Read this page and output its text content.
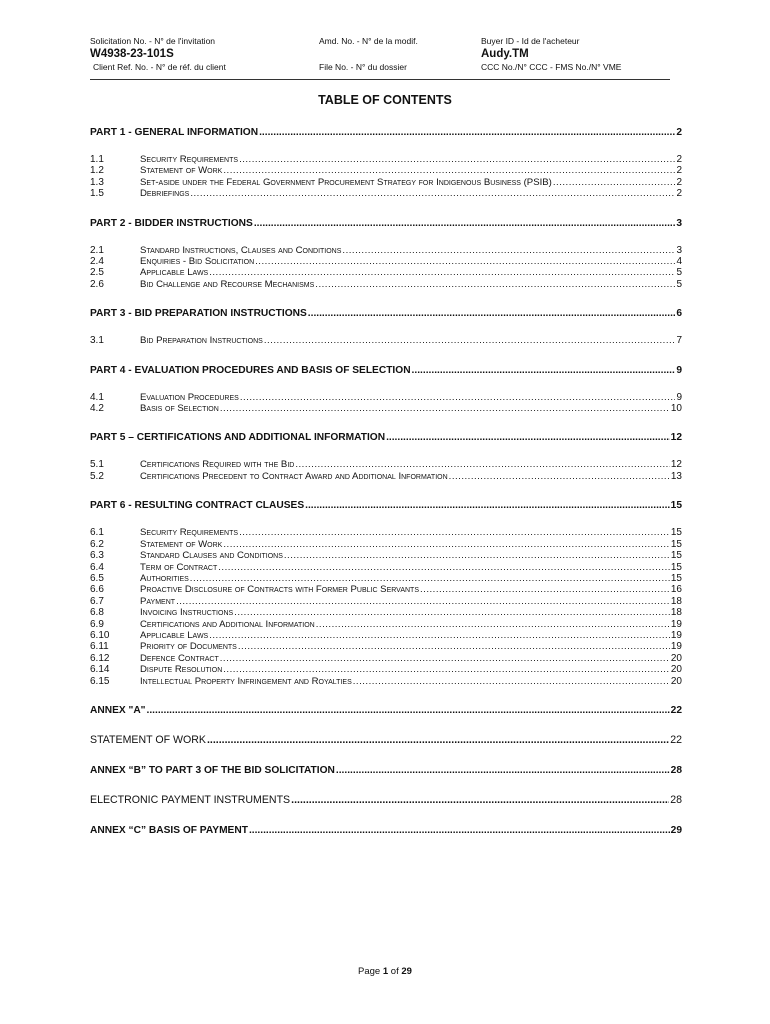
Solicitation No. - N° de l'invitation
W4938-23-101S
Client Ref. No. - N° de réf. du client
Amd. No. - N° de la modif.

File No. - N° du dossier
Buyer ID - Id de l'acheteur
Audy.TM
CCC No./N° CCC - FMS No./N° VME
TABLE OF CONTENTS
PART 1 - GENERAL INFORMATION .....	2
1.1	Security Requirements .....	2
1.2	Statement of Work .....	2
1.3	Set-aside under the Federal Government Procurement Strategy for Indigenous Business (PSIB) .....	2
1.5	Debriefings .....	2
PART 2 - BIDDER INSTRUCTIONS .....	3
2.1	Standard Instructions, Clauses and Conditions .....	3
2.4	Enquiries - Bid Solicitation .....	4
2.5	Applicable Laws .....	5
2.6	Bid Challenge and Recourse Mechanisms .....	5
PART 3 - BID PREPARATION INSTRUCTIONS .....	6
3.1	Bid Preparation Instructions .....	7
PART 4 - EVALUATION PROCEDURES AND BASIS OF SELECTION .....	9
4.1	Evaluation Procedures .....	9
4.2	Basis of Selection .....	10
PART 5 – CERTIFICATIONS AND ADDITIONAL INFORMATION .....	12
5.1	Certifications Required with the Bid .....	12
5.2	Certifications Precedent to Contract Award and Additional Information .....	13
PART 6 - RESULTING CONTRACT CLAUSES .....	15
6.1	Security Requirements .....	15
6.2	Statement of Work .....	15
6.3	Standard Clauses and Conditions .....	15
6.4	Term of Contract .....	15
6.5	Authorities .....	15
6.6	Proactive Disclosure of Contracts with Former Public Servants .....	16
6.7	Payment .....	18
6.8	Invoicing Instructions .....	18
6.9	Certifications and Additional Information .....	19
6.10	Applicable Laws .....	19
6.11	Priority of Documents .....	19
6.12	Defence Contract .....	20
6.14	Dispute Resolution .....	20
6.15	Intellectual Property Infringement and Royalties .....	20
ANNEX "A" .....	22
STATEMENT OF WORK .....	22
ANNEX “B” TO PART 3 OF THE BID SOLICITATION .....	28
ELECTRONIC PAYMENT INSTRUMENTS .....	28
ANNEX “C” BASIS OF PAYMENT .....	29
Page 1 of 29
